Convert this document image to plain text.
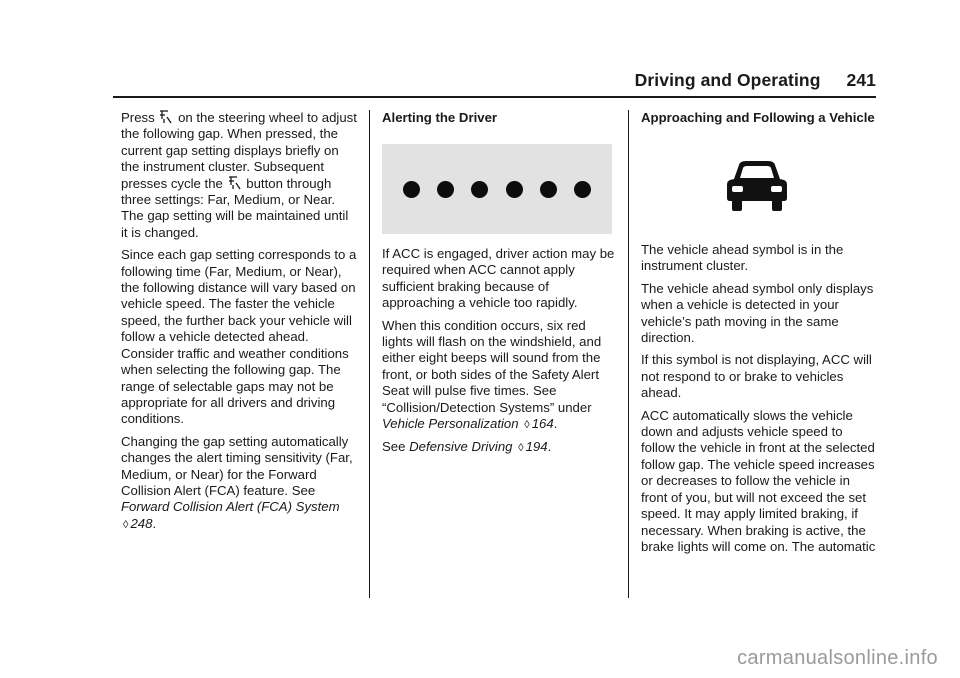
Driving and Operating 241

Press on the steering wheel to adjust the following gap. When pressed, the current gap setting displays briefly on the instrument cluster. Subsequent presses cycle the button through three settings: Far, Medium, or Near. The gap setting will be maintained until it is changed.

Since each gap setting corresponds to a following time (Far, Medium, or Near), the following distance will vary based on vehicle speed. The faster the vehicle speed, the further back your vehicle will follow a vehicle detected ahead. Consider traffic and weather conditions when selecting the following gap. The range of selectable gaps may not be appropriate for all drivers and driving conditions.

Changing the gap setting automatically changes the alert timing sensitivity (Far, Medium, or Near) for the Forward Collision Alert (FCA) feature. See Forward Collision Alert (FCA) System ◊ 248.

Alerting the Driver

If ACC is engaged, driver action may be required when ACC cannot apply sufficient braking because of approaching a vehicle too rapidly.

When this condition occurs, six red lights will flash on the windshield, and either eight beeps will sound from the front, or both sides of the Safety Alert Seat will pulse five times. See “Collision/Detection Systems” under Vehicle Personalization ◊ 164.

See Defensive Driving ◊ 194.

Approaching and Following a Vehicle

The vehicle ahead symbol is in the instrument cluster.

The vehicle ahead symbol only displays when a vehicle is detected in your vehicle’s path moving in the same direction.

If this symbol is not displaying, ACC will not respond to or brake to vehicles ahead.

ACC automatically slows the vehicle down and adjusts vehicle speed to follow the vehicle in front at the selected follow gap. The vehicle speed increases or decreases to follow the vehicle in front of you, but will not exceed the set speed. It may apply limited braking, if necessary. When braking is active, the brake lights will come on. The automatic

carmanualsonline.info
